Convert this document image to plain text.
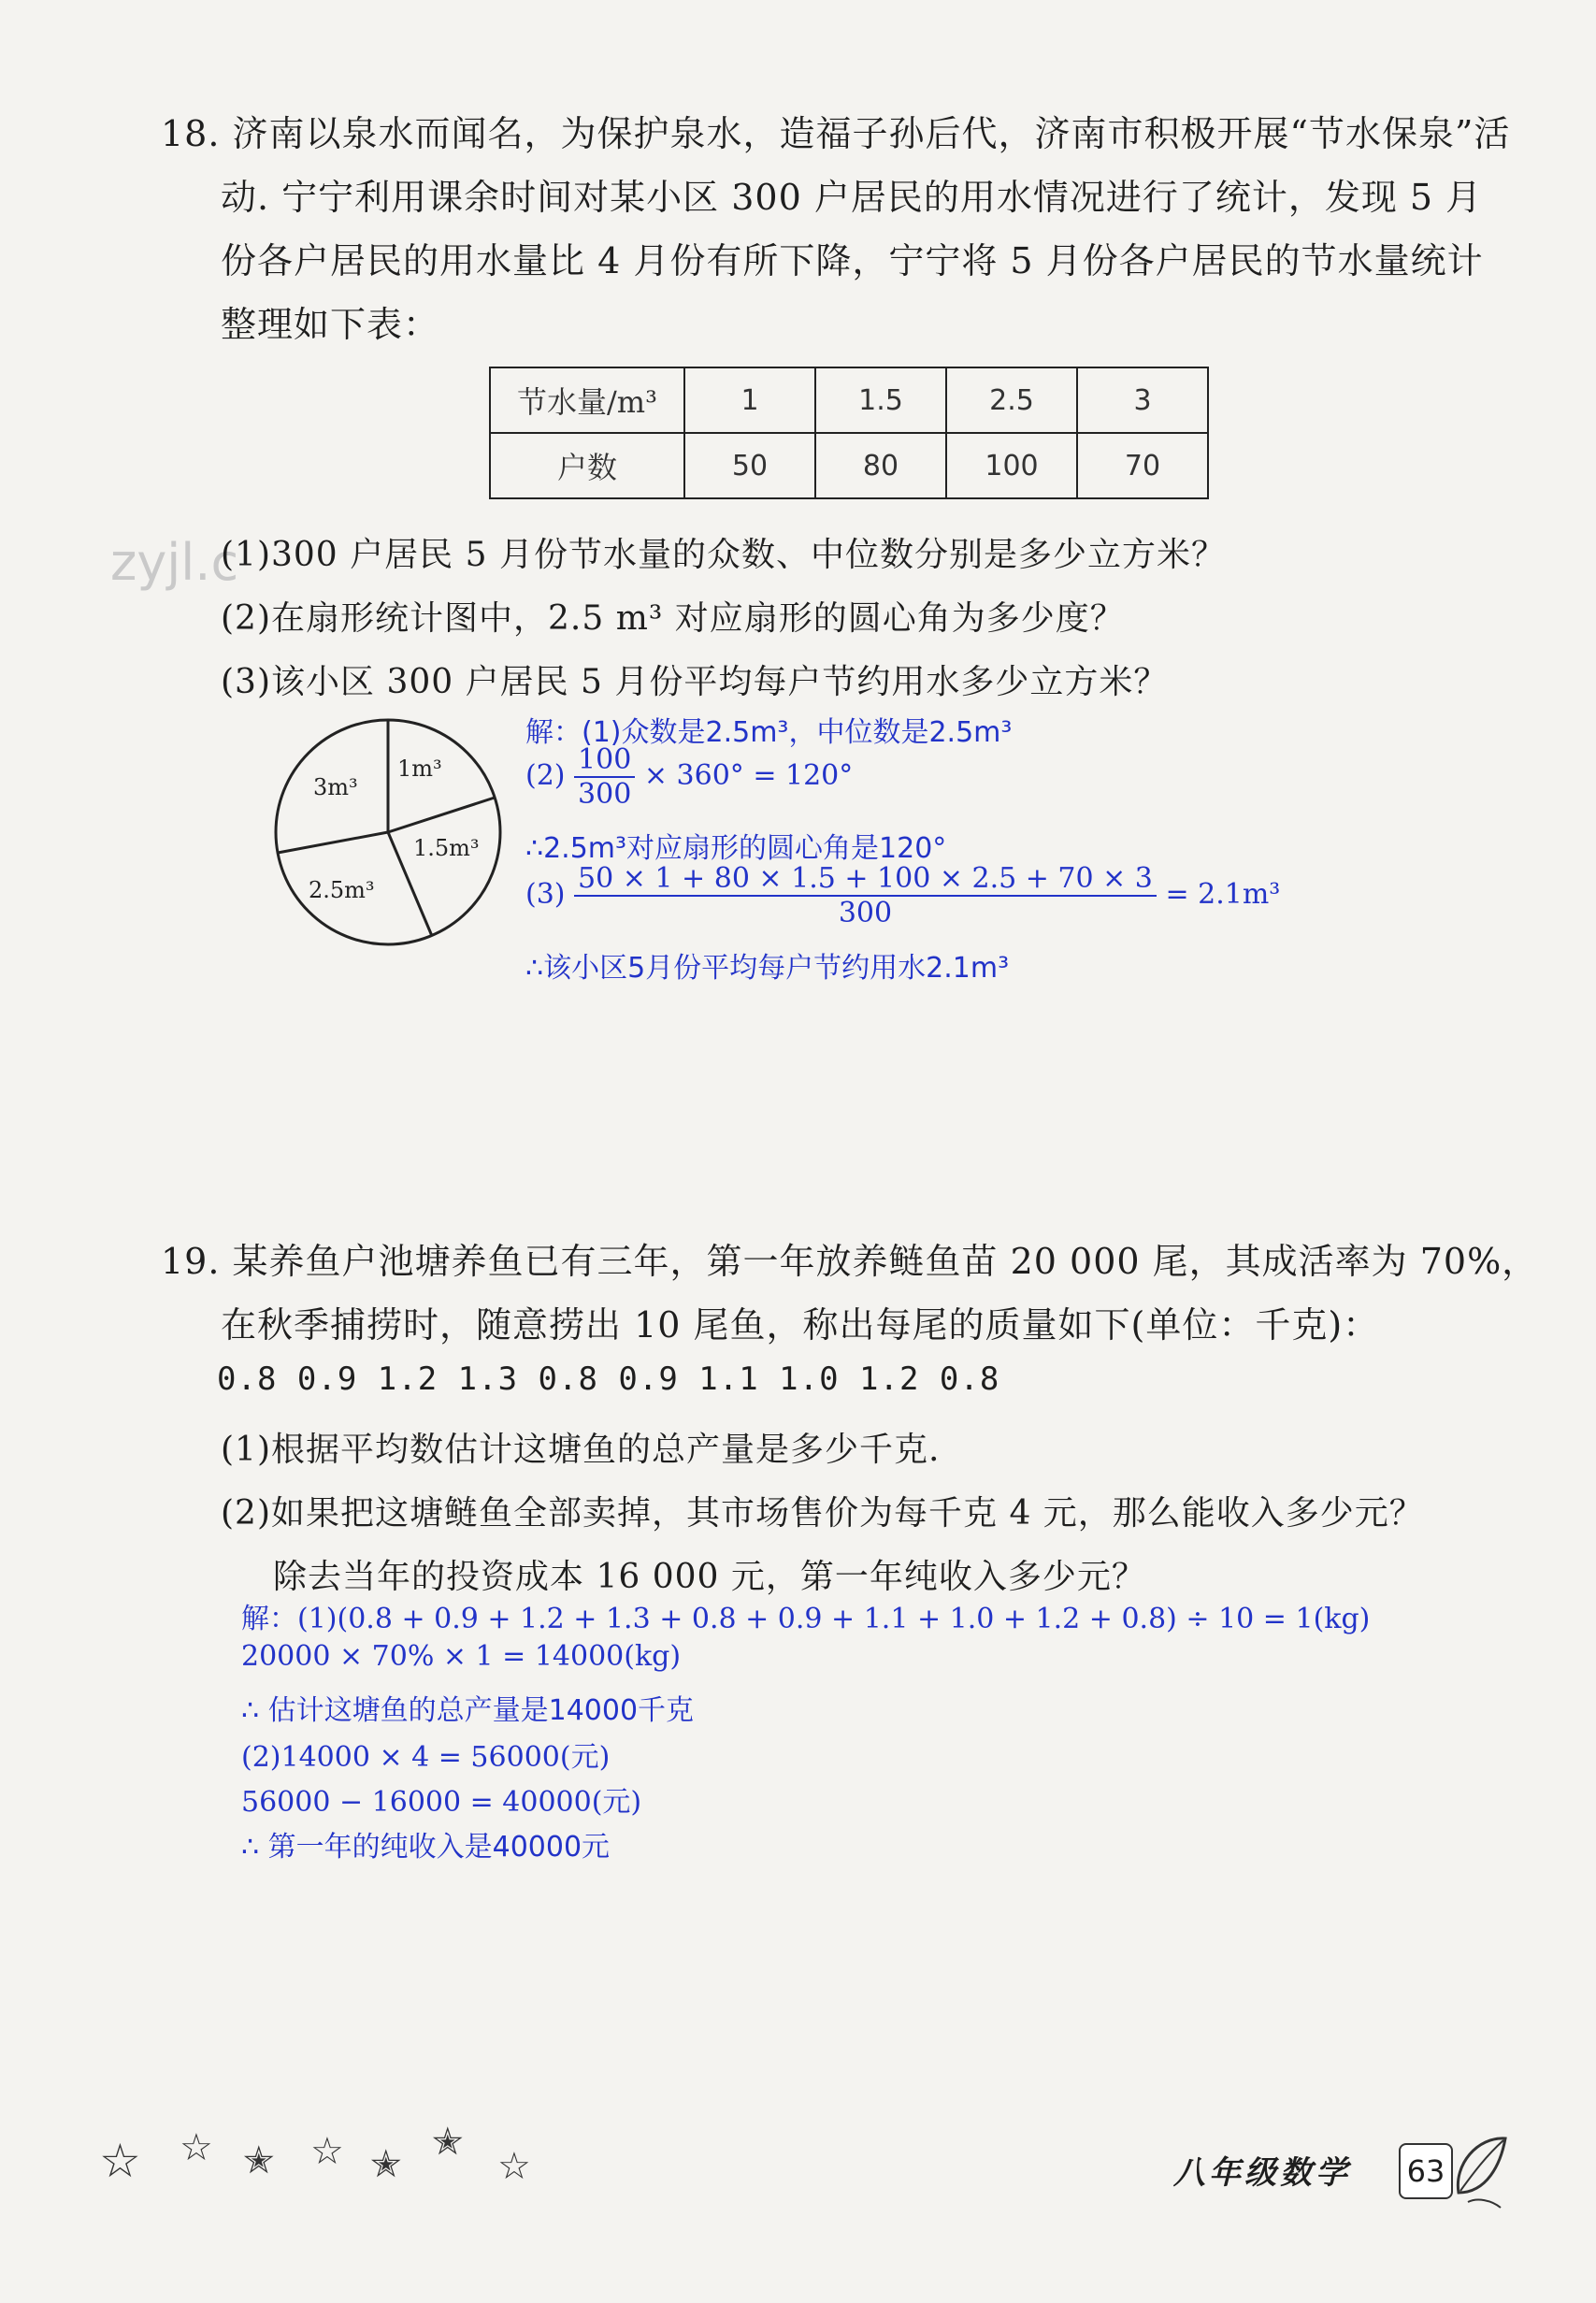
zyjl.c
18. 济南以泉水而闻名，为保护泉水，造福子孙后代，济南市积极开展“节水保泉”活
动. 宁宁利用课余时间对某小区 300 户居民的用水情况进行了统计，发现 5 月
份各户居民的用水量比 4 月份有所下降，宁宁将 5 月份各户居民的节水量统计
整理如下表：
节水量/m³	1	1.5	2.5	3
户数	50	80	100	70
(1)300 户居民 5 月份节水量的众数、中位数分别是多少立方米？
(2)在扇形统计图中，2.5 m³ 对应扇形的圆心角为多少度？
(3)该小区 300 户居民 5 月份平均每户节约用水多少立方米？
1m³
1.5m³
2.5m³
3m³
解：(1)众数是2.5m³，中位数是2.5m³
$(2) \frac{100}{300} \times 360^\circ = 120^\circ$
∴2.5m³对应扇形的圆心角是120°
$(3) \frac{50 \times 1 + 80 \times 1.5 + 100 \times 2.5 + 70 \times 3}{300} = 2.1m^3$
∴该小区5月份平均每户节约用水2.1m³
19. 某养鱼户池塘养鱼已有三年，第一年放养鲢鱼苗 20 000 尾，其成活率为 70%，
在秋季捕捞时，随意捞出 10 尾鱼，称出每尾的质量如下(单位：千克)：
0.8 0.9 1.2 1.3 0.8 0.9 1.1 1.0 1.2 0.8
(1)根据平均数估计这塘鱼的总产量是多少千克.
(2)如果把这塘鲢鱼全部卖掉，其市场售价为每千克 4 元，那么能收入多少元？
除去当年的投资成本 16 000 元，第一年纯收入多少元？
解：(1)(0.8 + 0.9 + 1.2 + 1.3 + 0.8 + 0.9 + 1.1 + 1.0 + 1.2 + 0.8) ÷ 10 = 1(kg)
20000 × 70% × 1 = 14000(kg)
∴ 估计这塘鱼的总产量是14000千克
(2)14000 × 4 = 56000(元)
56000 − 16000 = 40000(元)
∴ 第一年的纯收入是40000元
☆ ☆ ✭ ☆ ✭
✭
☆	八年级数学 63
